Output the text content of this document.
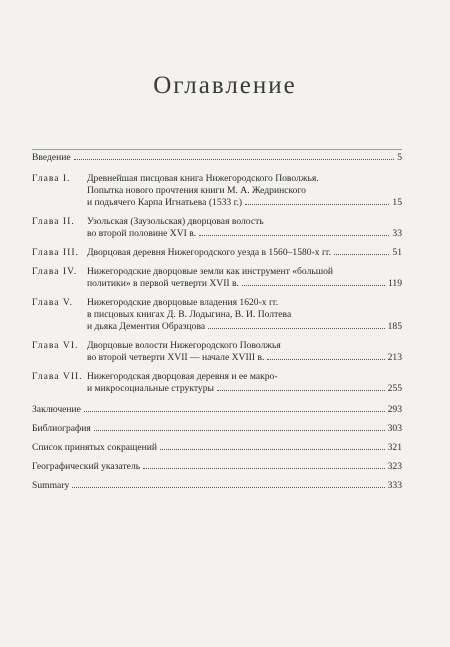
Оглавление
Введение	5
Глава I.	Древнейшая писцовая книга Нижегородского Поволжья.
Попытка нового прочтения книги М. А. Жедринского
и подьячего Карпа Игнатьева (1533 г.)	15
Глава II.	Узольская (Заузольская) дворцовая волость
во второй половине XVI в.	33
Глава III. Дворцовая деревня Нижегородского уезда в 1560–1580-х гг.	51
Глава IV.	Нижегородские дворцовые земли как инструмент «большой
политики» в первой четверти XVII в.	119
Глава V.	Нижегородские дворцовые владения 1620-х гг.
в писцовых книгах Д. В. Лодыгина, В. И. Полтева
и дьяка Дементия Образцова	185
Глава VI. Дворцовые волости Нижегородского Поволжья
во второй четверти XVII — начале XVIII в.	213
Глава VII. Нижегородская дворцовая деревня и ее макро-
и микросоциальные структуры	255
Заключение	293
Библиография	303
Список принятых сокращений	321
Географический указатель	323
Summary	333
